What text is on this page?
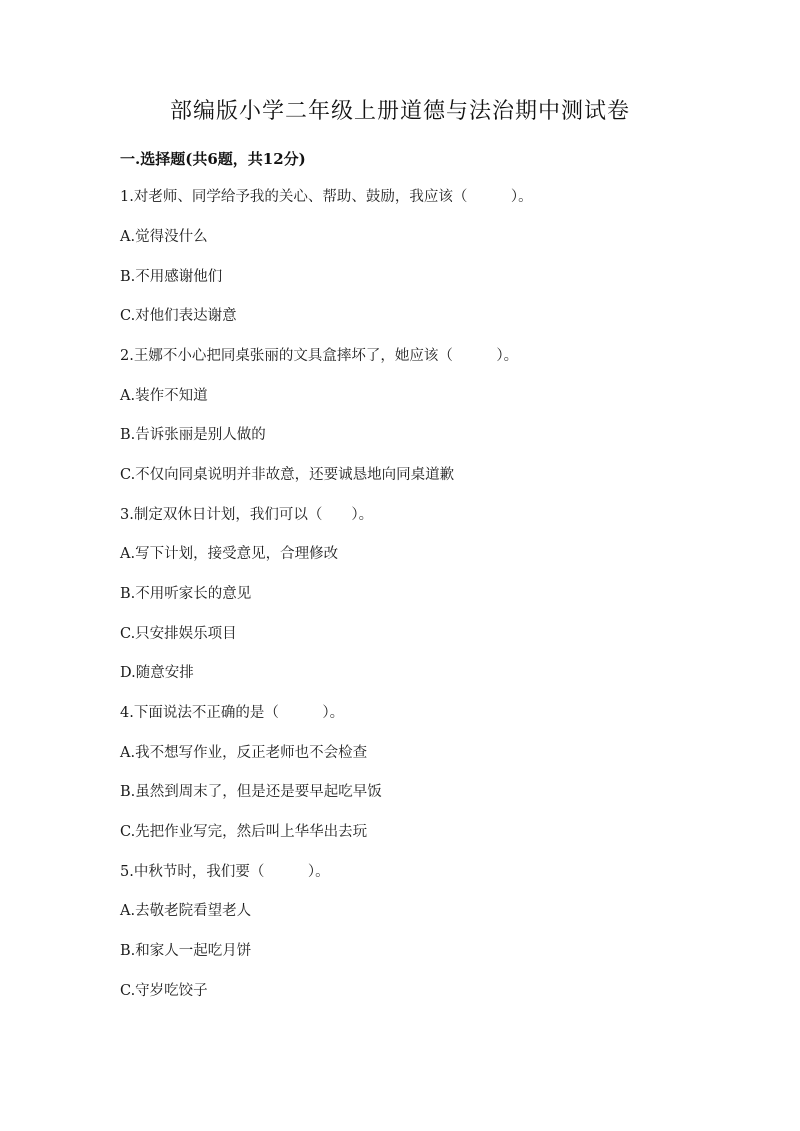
部编版小学二年级上册道德与法治期中测试卷
一.选择题(共6题，共12分)
1.对老师、同学给予我的关心、帮助、鼓励，我应该（　　　）。
A.觉得没什么
B.不用感谢他们
C.对他们表达谢意
2.王娜不小心把同桌张丽的文具盒摔坏了，她应该（　　　）。
A.装作不知道
B.告诉张丽是别人做的
C.不仅向同桌说明并非故意，还要诚恳地向同桌道歉
3.制定双休日计划，我们可以（　　）。
A.写下计划，接受意见，合理修改
B.不用听家长的意见
C.只安排娱乐项目
D.随意安排
4.下面说法不正确的是（　　　）。
A.我不想写作业，反正老师也不会检查
B.虽然到周末了，但是还是要早起吃早饭
C.先把作业写完，然后叫上华华出去玩
5.中秋节时，我们要（　　　）。
A.去敬老院看望老人
B.和家人一起吃月饼
C.守岁吃饺子
